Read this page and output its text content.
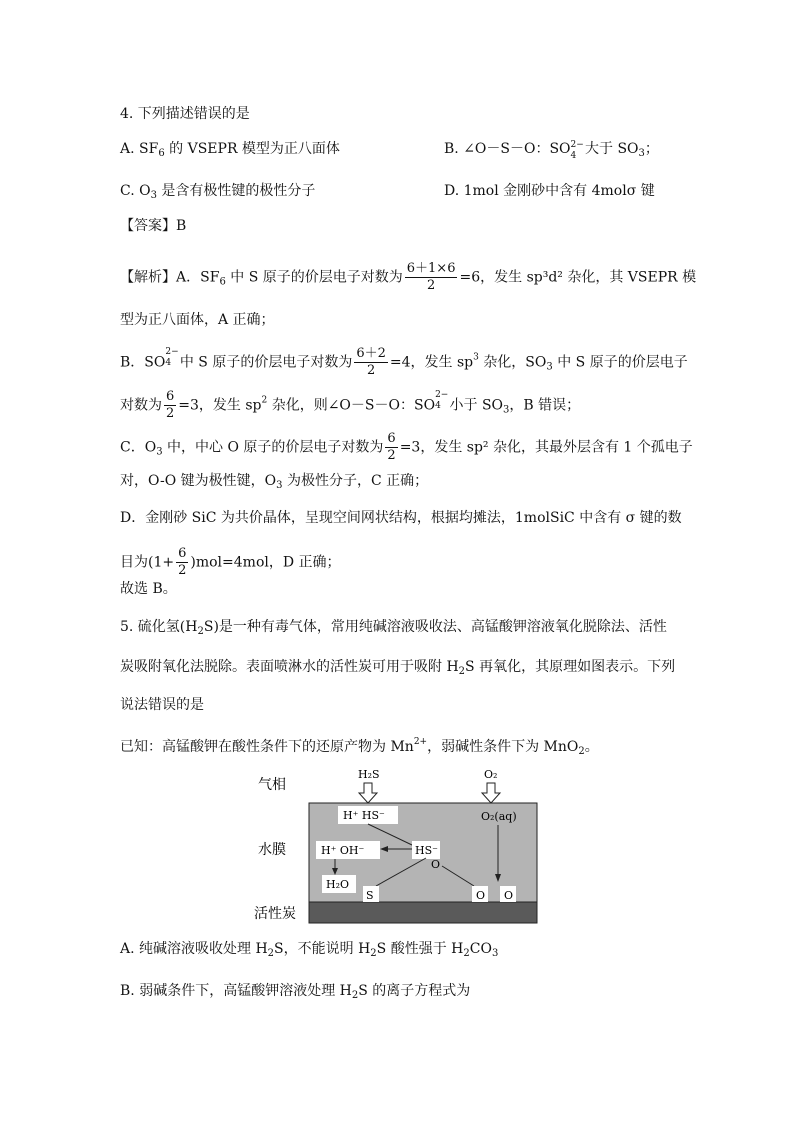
4. 下列描述错误的是
A. $SF_6$ 的 VSEPR 模型为正八面体	B. ∠O－S－O：SO 2−
4 大于 $SO_3$；
C. $O_3$ 是含有极性键的极性分子	D. 1mol 金刚砂中含有 4molσ 键
【答案】B
【解析】A．$SF_6$ 中 S 原子的价层电子对数为 $\frac{6+1\times 6}{2} =6$，发生 sp³d² 杂化，其 VSEPR 模
型为正八面体，A 正确；
B．SO
2−
4 中 S 原子的价层电子对数为 $\frac{6+2}{2} =4$，发生 $sp^3$ 杂化，$SO_3$ 中 S 原子的价层电子
对数为 $\frac{6}{2} =3$，发生 $sp^2$ 杂化，则∠O－S－O：SO
2−
4 小于 $SO_3$，B 错误；
C．$O_3$ 中，中心 O 原子的价层电子对数为 $\frac{6}{2} =3$，发生 sp² 杂化，其最外层含有 1 个孤电子
对，O-O 键为极性键，$O_3$ 为极性分子，C 正确；
D．金刚砂 SiC 为共价晶体，呈现空间网状结构，根据均摊法，1molSiC 中含有 σ 键的数
目为$(1+ \frac{6}{2} )mol=4mol$，D 正确；
故选 B。
5. 硫化氢$(H_2S)$是一种有毒气体，常用纯碱溶液吸收法、高锰酸钾溶液氧化脱除法、活性
炭吸附氧化法脱除。表面喷淋水的活性炭可用于吸附 $H_2S$ 再氧化，其原理如图表示。下列
说法错误的是
已知：高锰酸钾在酸性条件下的还原产物为 $Mn^{2+}$，弱碱性条件下为 MnO$_2$。
气相
水膜
活性炭
H₂S	O₂
H⁺ HS⁻	O₂(aq)
H⁺ OH⁻	HS⁻
O
H₂O
S	O O
A. 纯碱溶液吸收处理 $H_2S$，不能说明 $H_2S$ 酸性强于 $H_2CO_3$
B. 弱碱条件下，高锰酸钾溶液处理 $H_2S$ 的离子方程式为
